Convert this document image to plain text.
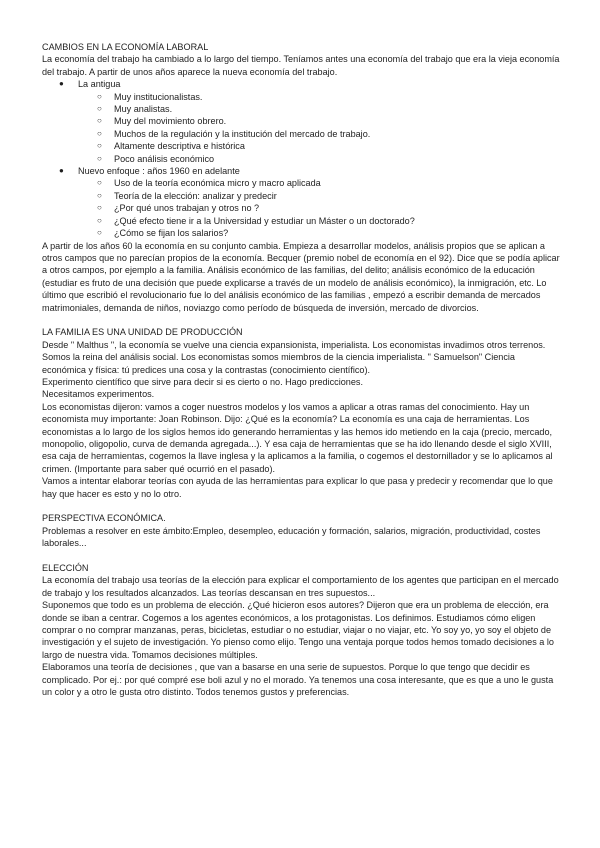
CAMBIOS EN LA ECONOMÍA LABORAL

La economía del trabajo ha cambiado a lo largo del tiempo. Teníamos antes una economía del trabajo que era la vieja economía del trabajo. A partir de unos años aparece la nueva economía del trabajo.

● La antigua
○ Muy institucionalistas.
○ Muy analistas.
○ Muy del movimiento obrero.
○ Muchos de la regulación y la institución del mercado de trabajo.
○ Altamente descriptiva e histórica
○ Poco análisis económico
● Nuevo enfoque : años 1960 en adelante
○ Uso de la teoría económica micro y macro aplicada
○ Teoría de la elección: analizar y predecir
○ ¿Por qué unos trabajan y otros no ?
○ ¿Qué efecto tiene ir a la Universidad y estudiar un Máster o un doctorado?
○ ¿Cómo se fijan los salarios?

A partir de los años 60 la economía en su conjunto cambia. Empieza a desarrollar modelos, análisis propios que se aplican a otros campos que no parecían propios de la economía. Becquer (premio nobel de economía en el 92). Dice que se podía aplicar a otros campos, por ejemplo a la familia. Análisis económico de las familias, del delito; análisis económico de la educación (estudiar es fruto de una decisión que puede explicarse a través de un modelo de análisis económico), la inmigración, etc. Lo último que escribió el revolucionario fue lo del análisis económico de las familias , empezó a escribir demanda de mercados matrimoniales, demanda de niños, noviazgo como período de búsqueda de inversión, mercado de divorcios.

LA FAMILIA ES UNA UNIDAD DE PRODUCCIÓN

Desde " Malthus ", la economía se vuelve una ciencia expansionista, imperialista. Los economistas invadimos otros terrenos. Somos la reina del análisis social. Los economistas somos miembros de la ciencia imperialista. " Samuelson" Ciencia económica y física: tú predices una cosa y la contrastas (conocimiento científico).

Experimento científico que sirve para decir si es cierto o no. Hago predicciones.

Necesitamos experimentos.

Los economistas dijeron: vamos a coger nuestros modelos y los vamos a aplicar a otras ramas del conocimiento. Hay un economista muy importante: Joan Robinson. Dijo: ¿Qué es la economía? La economía es una caja de herramientas. Los economistas a lo largo de los siglos hemos ido generando herramientas y las hemos ido metiendo en la caja (precio, mercado, monopolio, oligopolio, curva de demanda agregada...). Y esa caja de herramientas que se ha ido llenando desde el siglo XVIII, esa caja de herramientas, cogemos la llave inglesa y la aplicamos a la familia, o cogemos el destornillador y se lo aplicamos al crimen. (Importante para saber qué ocurrió en el pasado).

Vamos a intentar elaborar teorías con ayuda de las herramientas para explicar lo que pasa y predecir y recomendar que lo que hay que hacer es esto y no lo otro.

PERSPECTIVA ECONÓMICA.

Problemas a resolver en este ámbito:Empleo, desempleo, educación y formación, salarios, migración, productividad, costes laborales...

ELECCIÓN

La economía del trabajo usa teorías de la elección para explicar el comportamiento de los agentes que participan en el mercado de trabajo y los resultados alcanzados. Las teorías descansan en tres supuestos...

Suponemos que todo es un problema de elección. ¿Qué hicieron esos autores? Dijeron que era un problema de elección, era donde se iban a centrar. Cogemos a los agentes económicos, a los protagonistas. Los definimos. Estudiamos cómo eligen comprar o no comprar manzanas, peras, bicicletas, estudiar o no estudiar, viajar o no viajar, etc. Yo soy yo, yo soy el objeto de investigación y el sujeto de investigación. Yo pienso como elijo. Tengo una ventaja porque todos hemos tomado decisiones a lo largo de nuestra vida. Tomamos decisiones múltiples.

Elaboramos una teoría de decisiones , que van a basarse en una serie de supuestos. Porque lo que tengo que decidir es complicado. Por ej.: por qué compré ese boli azul y no el morado. Ya tenemos una cosa interesante, que es que a uno le gusta un color y a otro le gusta otro distinto. Todos tenemos gustos y preferencias.
